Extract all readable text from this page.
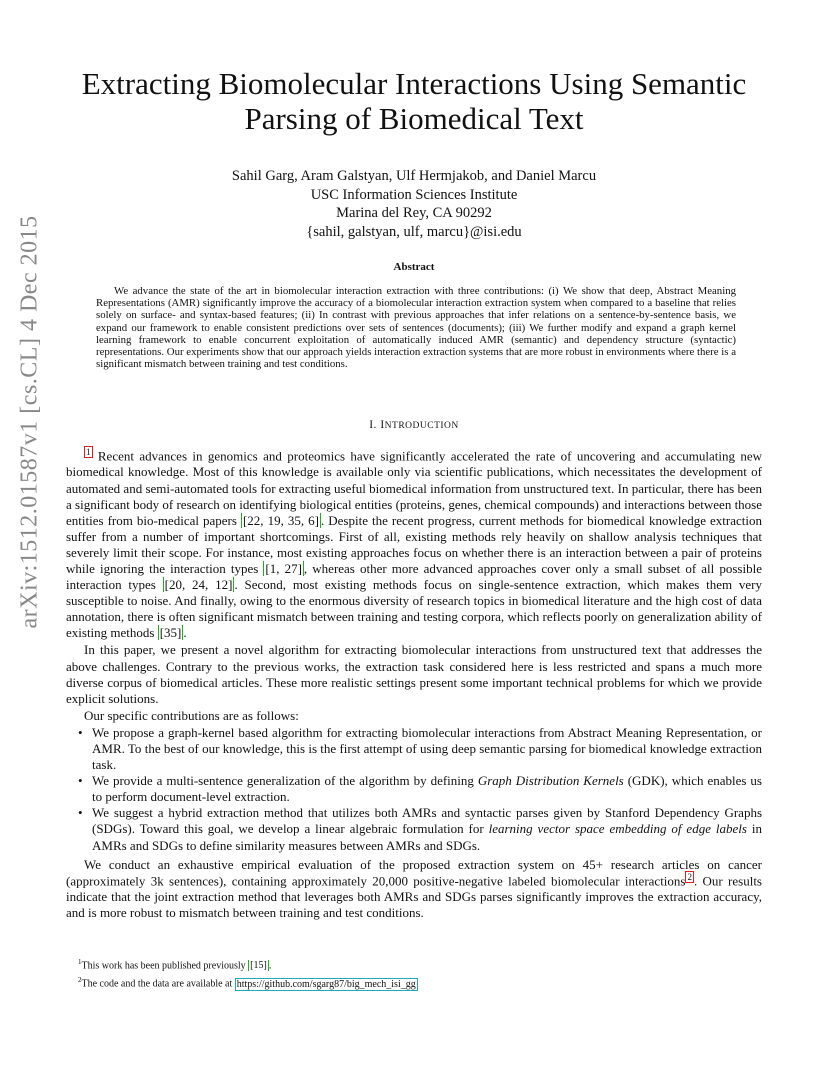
arXiv:1512.01587v1 [cs.CL] 4 Dec 2015
Extracting Biomolecular Interactions Using Semantic Parsing of Biomedical Text
Sahil Garg, Aram Galstyan, Ulf Hermjakob, and Daniel Marcu
USC Information Sciences Institute
Marina del Rey, CA 90292
{sahil, galstyan, ulf, marcu}@isi.edu
Abstract
We advance the state of the art in biomolecular interaction extraction with three contributions: (i) We show that deep, Abstract Meaning Representations (AMR) significantly improve the accuracy of a biomolecular interaction extraction system when compared to a baseline that relies solely on surface- and syntax-based features; (ii) In contrast with previous approaches that infer relations on a sentence-by-sentence basis, we expand our framework to enable consistent predictions over sets of sentences (documents); (iii) We further modify and expand a graph kernel learning framework to enable concurrent exploitation of automatically induced AMR (semantic) and dependency structure (syntactic) representations. Our experiments show that our approach yields interaction extraction systems that are more robust in environments where there is a significant mismatch between training and test conditions.
I. INTRODUCTION

$^1$ Recent advances in genomics and proteomics have significantly accelerated the rate of uncovering and accumulating new biomedical knowledge. Most of this knowledge is available only via scientific publications, which necessitates the development of automated and semi-automated tools for extracting useful biomedical information from unstructured text. In particular, there has been a significant body of research on identifying biological entities (proteins, genes, chemical compounds) and interactions between those entities from bio-medical papers [22, 19, 35, 6] . Despite the recent progress, current methods for biomedical knowledge extraction suffer from a number of important shortcomings. First of all, existing methods rely heavily on shallow analysis techniques that severely limit their scope. For instance, most existing approaches focus on whether there is an interaction between a pair of proteins while ignoring the interaction types [1, 27] , whereas other more advanced approaches cover only a small subset of all possible interaction types [20, 24, 12] . Second, most existing methods focus on single-sentence extraction, which makes them very susceptible to noise. And finally, owing to the enormous diversity of research topics in biomedical literature and the high cost of data annotation, there is often significant mismatch between training and testing corpora, which reflects poorly on generalization ability of existing methods [35] .

In this paper, we present a novel algorithm for extracting biomolecular interactions from unstructured text that addresses the above challenges. Contrary to the previous works, the extraction task considered here is less restricted and spans a much more diverse corpus of biomedical articles. These more realistic settings present some important technical problems for which we provide explicit solutions.

Our specific contributions are as follows:

• We propose a graph-kernel based algorithm for extracting biomolecular interactions from Abstract Meaning Representation, or AMR. To the best of our knowledge, this is the first attempt of using deep semantic parsing for biomedical knowledge extraction task.
• We provide a multi-sentence generalization of the algorithm by defining Graph Distribution Kernels (GDK), which enables us to perform document-level extraction.
• We suggest a hybrid extraction method that utilizes both AMRs and syntactic parses given by Stanford Dependency Graphs (SDGs). Toward this goal, we develop a linear algebraic formulation for learning vector space embedding of edge labels in AMRs and SDGs to define similarity measures between AMRs and SDGs.

We conduct an exhaustive empirical evaluation of the proposed extraction system on 45+ research articles on cancer (approximately 3k sentences), containing approximately 20,000 positive-negative labeled biomolecular interactions $^2$ . Our results indicate that the joint extraction method that leverages both AMRs and SDGs parses significantly improves the extraction accuracy, and is more robust to mismatch between training and test conditions.

$^1$This work has been published previously [15] .
$^2$The code and the data are available at https://github.com/sgarg87/big_mech_isi_gg
